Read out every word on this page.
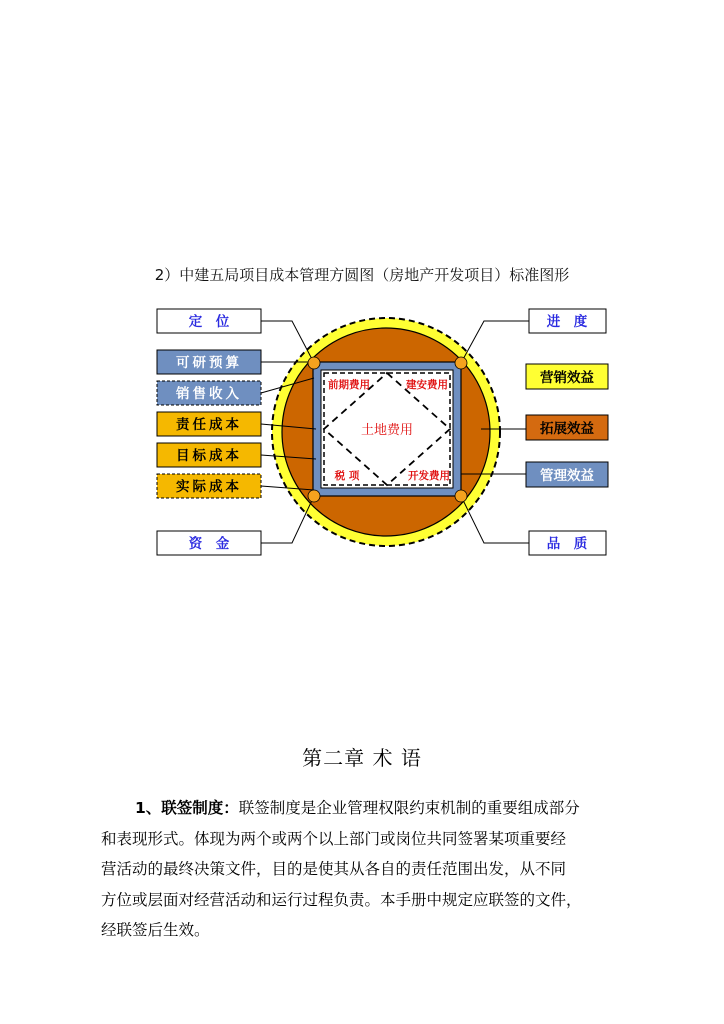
2）中建五局项目成本管理方圆图（房地产开发项目）标准图形
前期费用	建安费用
土地费用
税 项	开发费用
定　位
可研预算
销售收入
责任成本
目标成本
实际成本
资　金
进　度
营销效益
拓展效益
管理效益
品　质
第二章 术 语
1、联签制度：联签制度是企业管理权限约束机制的重要组成部分
和表现形式。体现为两个或两个以上部门或岗位共同签署某项重要经
营活动的最终决策文件，目的是使其从各自的责任范围出发，从不同
方位或层面对经营活动和运行过程负责。本手册中规定应联签的文件，
经联签后生效。
